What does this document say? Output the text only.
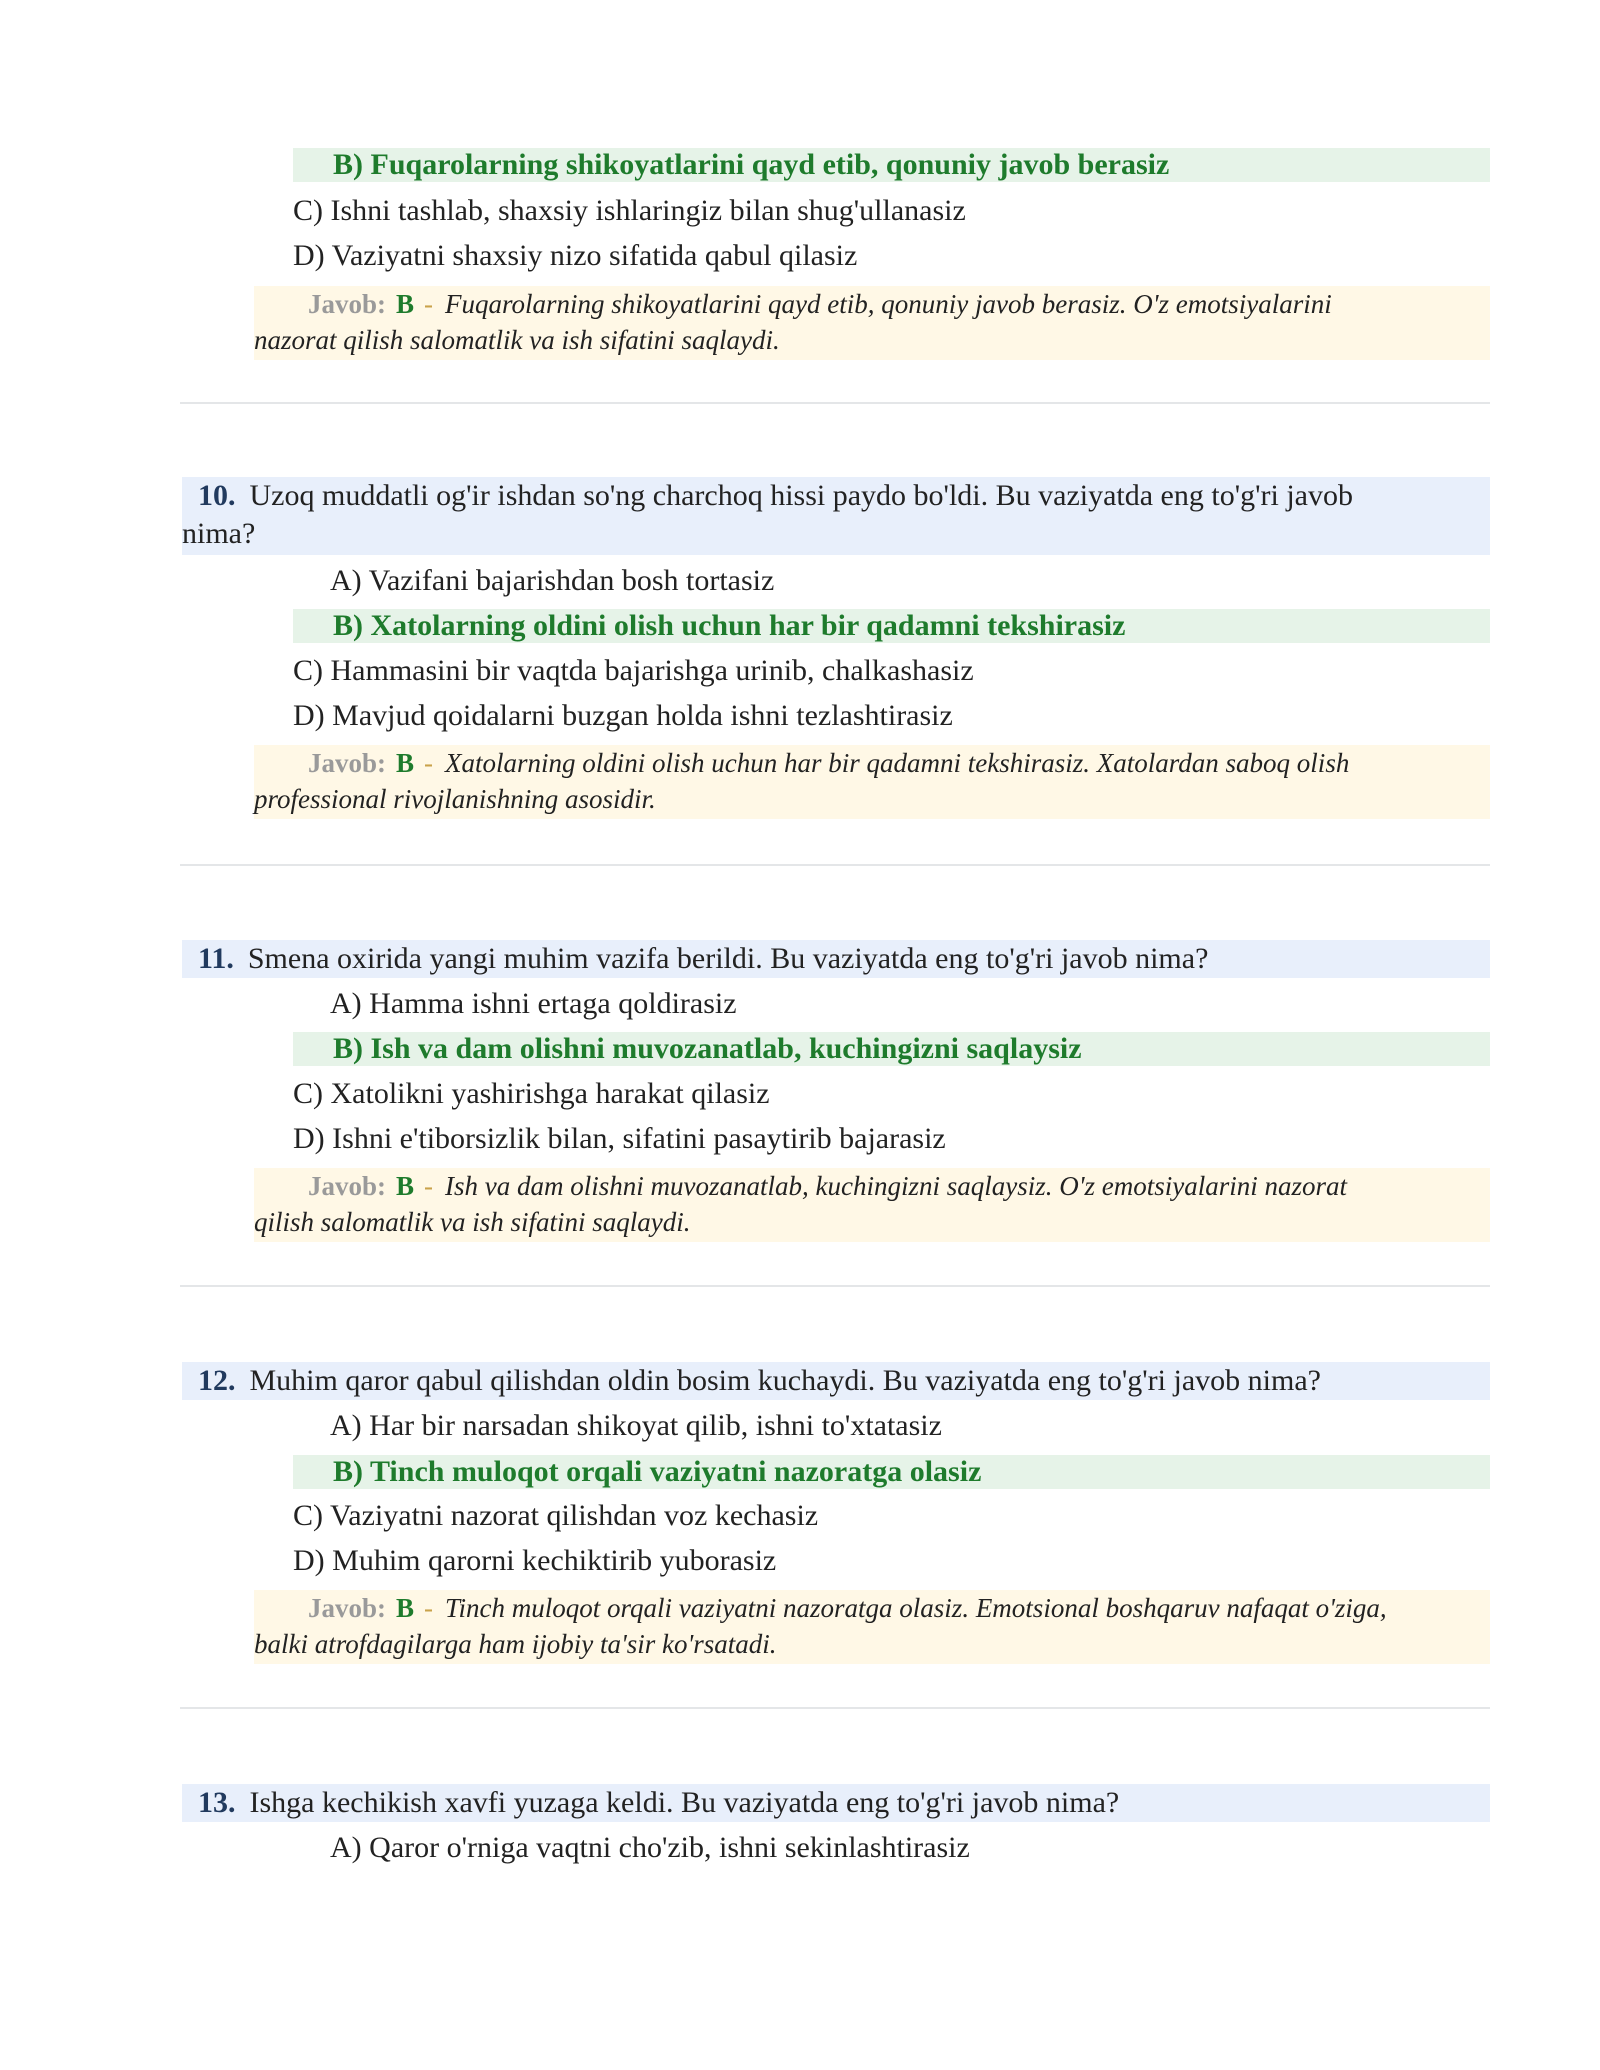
B) Fuqarolarning shikoyatlarini qayd etib, qonuniy javob berasiz
C) Ishni tashlab, shaxsiy ishlaringiz bilan shug'ullanasiz
D) Vaziyatni shaxsiy nizo sifatida qabul qilasiz
Javob: B - Fuqarolarning shikoyatlarini qayd etib, qonuniy javob berasiz. O'z emotsiyalarini
nazorat qilish salomatlik va ish sifatini saqlaydi.
10. Uzoq muddatli og'ir ishdan so'ng charchoq hissi paydo bo'ldi. Bu vaziyatda eng to'g'ri javob
nima?
A) Vazifani bajarishdan bosh tortasiz
B) Xatolarning oldini olish uchun har bir qadamni tekshirasiz
C) Hammasini bir vaqtda bajarishga urinib, chalkashasiz
D) Mavjud qoidalarni buzgan holda ishni tezlashtirasiz
Javob: B - Xatolarning oldini olish uchun har bir qadamni tekshirasiz. Xatolardan saboq olish
professional rivojlanishning asosidir.
11. Smena oxirida yangi muhim vazifa berildi. Bu vaziyatda eng to'g'ri javob nima?
A) Hamma ishni ertaga qoldirasiz
B) Ish va dam olishni muvozanatlab, kuchingizni saqlaysiz
C) Xatolikni yashirishga harakat qilasiz
D) Ishni e'tiborsizlik bilan, sifatini pasaytirib bajarasiz
Javob: B - Ish va dam olishni muvozanatlab, kuchingizni saqlaysiz. O'z emotsiyalarini nazorat
qilish salomatlik va ish sifatini saqlaydi.
12. Muhim qaror qabul qilishdan oldin bosim kuchaydi. Bu vaziyatda eng to'g'ri javob nima?
A) Har bir narsadan shikoyat qilib, ishni to'xtatasiz
B) Tinch muloqot orqali vaziyatni nazoratga olasiz
C) Vaziyatni nazorat qilishdan voz kechasiz
D) Muhim qarorni kechiktirib yuborasiz
Javob: B - Tinch muloqot orqali vaziyatni nazoratga olasiz. Emotsional boshqaruv nafaqat o'ziga,
balki atrofdagilarga ham ijobiy ta'sir ko'rsatadi.
13. Ishga kechikish xavfi yuzaga keldi. Bu vaziyatda eng to'g'ri javob nima?
A) Qaror o'rniga vaqtni cho'zib, ishni sekinlashtirasiz
